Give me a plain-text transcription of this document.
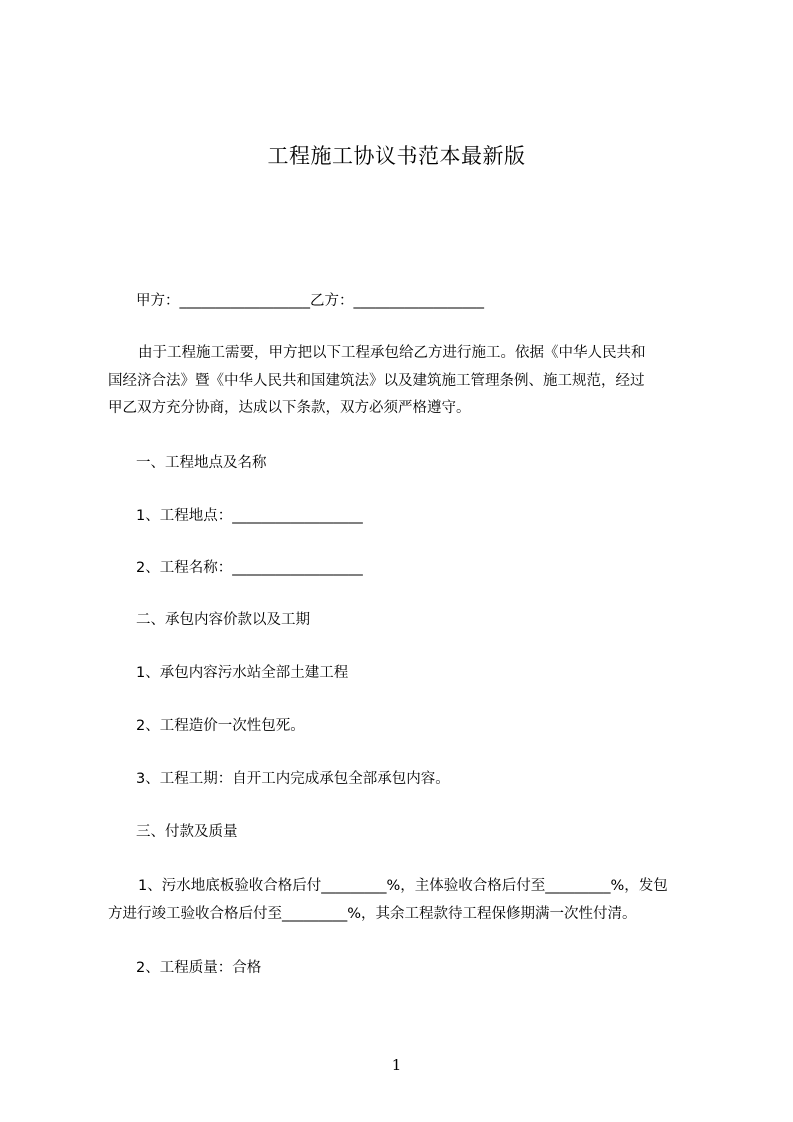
工程施工协议书范本最新版
甲方：__________________乙方：__________________
由于工程施工需要，甲方把以下工程承包给乙方进行施工。依据《中华人民共和
国经济合法》暨《中华人民共和国建筑法》以及建筑施工管理条例、施工规范，经过
甲乙双方充分协商，达成以下条款，双方必须严格遵守。
一、工程地点及名称
1、工程地点：__________________
2、工程名称：__________________
二、承包内容价款以及工期
1、承包内容污水站全部土建工程
2、工程造价一次性包死。
3、工程工期：自开工内完成承包全部承包内容。
三、付款及质量
1、污水地底板验收合格后付_________%，主体验收合格后付至_________%，发包
方进行竣工验收合格后付至_________%，其余工程款待工程保修期满一次性付清。
2、工程质量：合格
1
